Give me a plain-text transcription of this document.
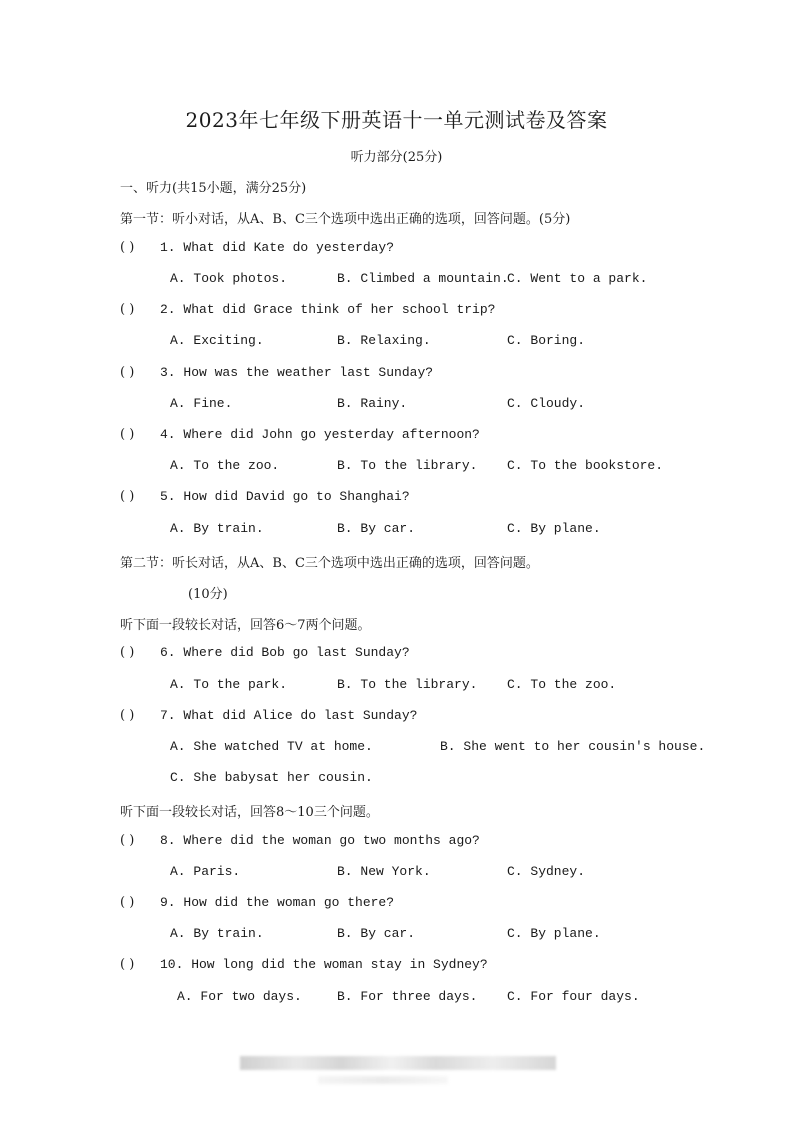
2023年七年级下册英语十一单元测试卷及答案
听力部分(25分)
一、听力(共15小题，满分25分)
第一节：听小对话，从A、B、C三个选项中选出正确的选项，回答问题。(5分)
( ) 1. What did Kate do yesterday?
A. Took photos.	B. Climbed a mountain.
C. Went to a park.
( ) 2. What did Grace think of her school trip?
A. Exciting.	B. Relaxing.	C. Boring.
( ) 3. How was the weather last Sunday?
A. Fine.	B. Rainy.	C. Cloudy.
( ) 4. Where did John go yesterday afternoon?
A. To the zoo.	B. To the library. C. To the bookstore.
( ) 5. How did David go to Shanghai?
A. By train.	B. By car.	C. By plane.
第二节：听长对话，从A、B、C三个选项中选出正确的选项，回答问题。
(10分)
听下面一段较长对话，回答6～7两个问题。
( ) 6. Where did Bob go last Sunday?
A. To the park.	B. To the library. C. To the zoo.
( ) 7. What did Alice do last Sunday?
A. She watched TV at home.	B. She went to her cousin's house.
C. She babysat her cousin.
听下面一段较长对话，回答8～10三个问题。
( ) 8. Where did the woman go two months ago?
A. Paris.	B. New York.	C. Sydney.
( ) 9. How did the woman go there?
A. By train.	B. By car.	C. By plane.
( ) 10. How long did the woman stay in Sydney?
A. For two days.	B. For three days. C. For four days.
